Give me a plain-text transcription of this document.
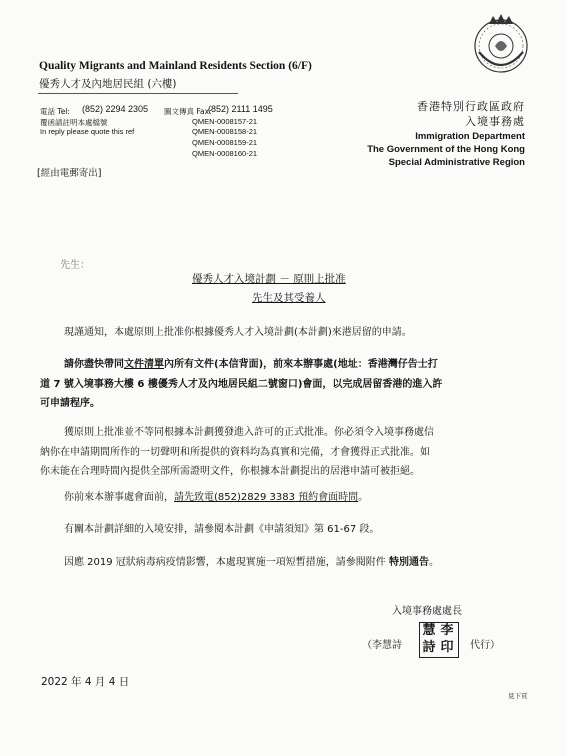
Quality Migrants and Mainland Residents Section (6/F)
優秀人才及內地居民組 (六樓)
電話 Tel: (852) 2294 2305
覆函請註明本處檔號
In reply please quote this ref
圖文傳真 Fax:
(852) 2111 1495
QMEN-0008157-21
QMEN-0008158-21
QMEN-0008159-21
QMEN-0008160-21
香港特別行政區政府
入境事務處
Immigration Department
The Government of the Hong Kong
Special Administrative Region
[經由電郵寄出]
先生：
優秀人才入境計劃 － 原則上批准
先生及其受養人
現謹通知，本處原則上批准你根據優秀人才入境計劃(本計劃)來港居留的申請。
請你盡快帶同文件清單內所有文件(本信背面)，前來本辦事處(地址：香港灣仔告士打
道 7 號入境事務大樓 6 樓優秀人才及內地居民組二號窗口)會面，以完成居留香港的進入許
可申請程序。
獲原則上批准並不等同根據本計劃獲發進入許可的正式批准。你必須令入境事務處信
納你在申請期間所作的一切聲明和所提供的資料均為真實和完備，才會獲得正式批准。如
你未能在合理時間內提供全部所需證明文件，你根據本計劃提出的居港申請可被拒絕。
你前來本辦事處會面前，請先致電(852)2829 3383 預約會面時間。
有關本計劃詳細的入境安排，請參閱本計劃《申請須知》第 61-67 段。
因應 2019 冠狀病毒病疫情影響，本處現實施一項短暫措施，請參閱附件 特別通告。
入境事務處處長
（李慧詩	代行）
慧 李
詩 印
2022 年 4 月 4 日
見下頁
